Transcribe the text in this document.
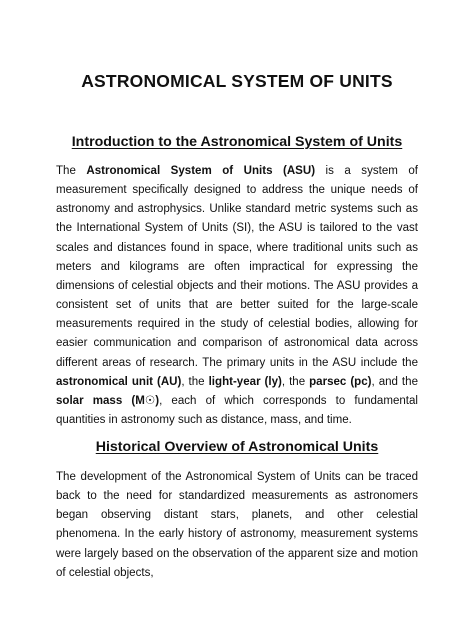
ASTRONOMICAL SYSTEM OF UNITS
Introduction to the Astronomical System of Units

The Astronomical System of Units (ASU) is a system of measurement specifically designed to address the unique needs of astronomy and astrophysics. Unlike standard metric systems such as the International System of Units (SI), the ASU is tailored to the vast scales and distances found in space, where traditional units such as meters and kilograms are often impractical for expressing the dimensions of celestial objects and their motions. The ASU provides a consistent set of units that are better suited for the large-scale measurements required in the study of celestial bodies, allowing for easier communication and comparison of astronomical data across different areas of research. The primary units in the ASU include the astronomical unit (AU), the light-year (ly), the parsec (pc), and the solar mass (M☉), each of which corresponds to fundamental quantities in astronomy such as distance, mass, and time.

Historical Overview of Astronomical Units

The development of the Astronomical System of Units can be traced back to the need for standardized measurements as astronomers began observing distant stars, planets, and other celestial phenomena. In the early history of astronomy, measurement systems were largely based on the observation of the apparent size and motion of celestial objects,
